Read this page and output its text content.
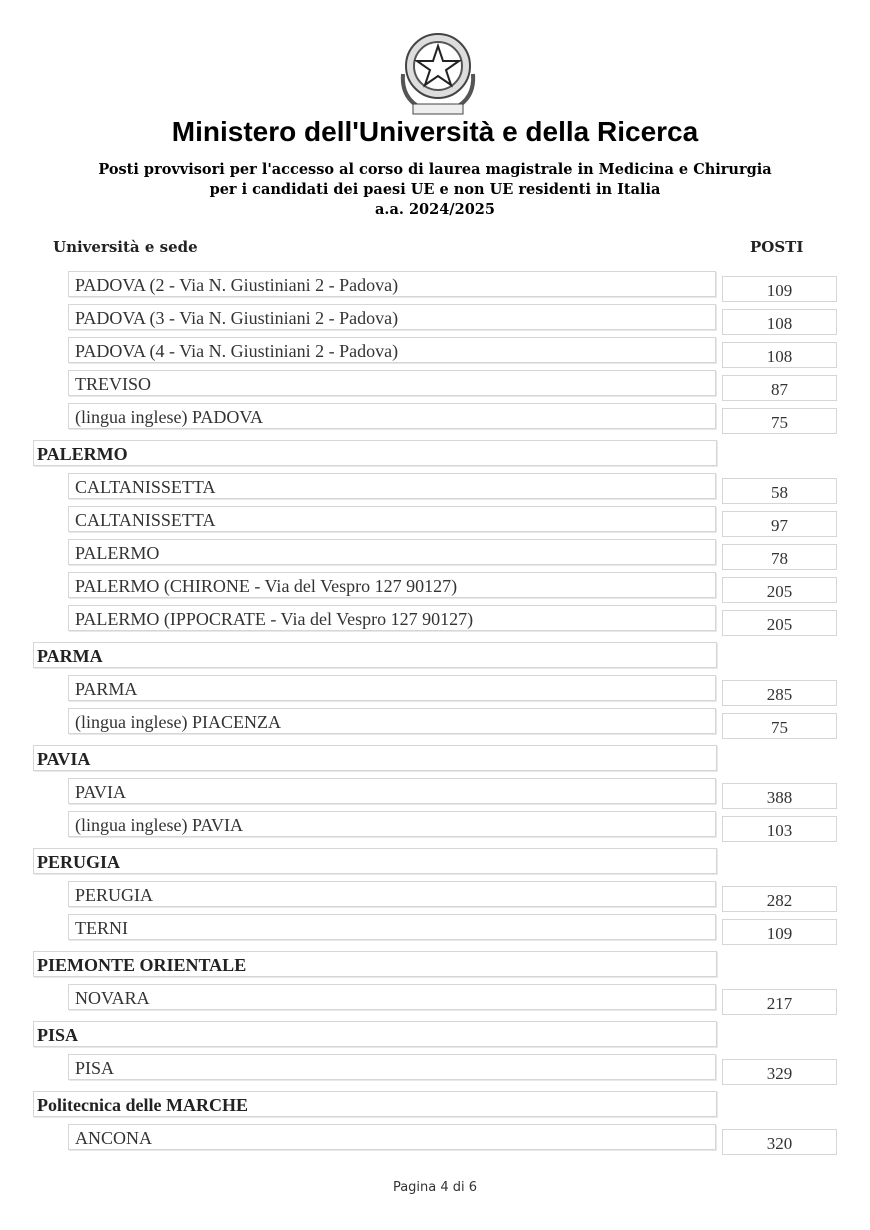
Ministero dell'Università e della Ricerca
Posti provvisori per l'accesso al corso di laurea magistrale in Medicina e Chirurgia
per i candidati dei paesi UE e non UE residenti in Italia
a.a. 2024/2025
Università e sede	POSTI
PADOVA (2 - Via N. Giustiniani 2 - Padova)	109
PADOVA (3 - Via N. Giustiniani 2 - Padova)	108
PADOVA (4 - Via N. Giustiniani 2 - Padova)	108
TREVISO	87
(lingua inglese) PADOVA	75
PALERMO
CALTANISSETTA	58
CALTANISSETTA	97
PALERMO	78
PALERMO (CHIRONE - Via del Vespro 127 90127)	205
PALERMO (IPPOCRATE - Via del Vespro 127 90127)	205
PARMA
PARMA	285
(lingua inglese) PIACENZA	75
PAVIA
PAVIA	388
(lingua inglese) PAVIA	103
PERUGIA
PERUGIA	282
TERNI	109
PIEMONTE ORIENTALE
NOVARA	217
PISA
PISA	329
Politecnica delle MARCHE
ANCONA	320
Pagina 4 di 6
